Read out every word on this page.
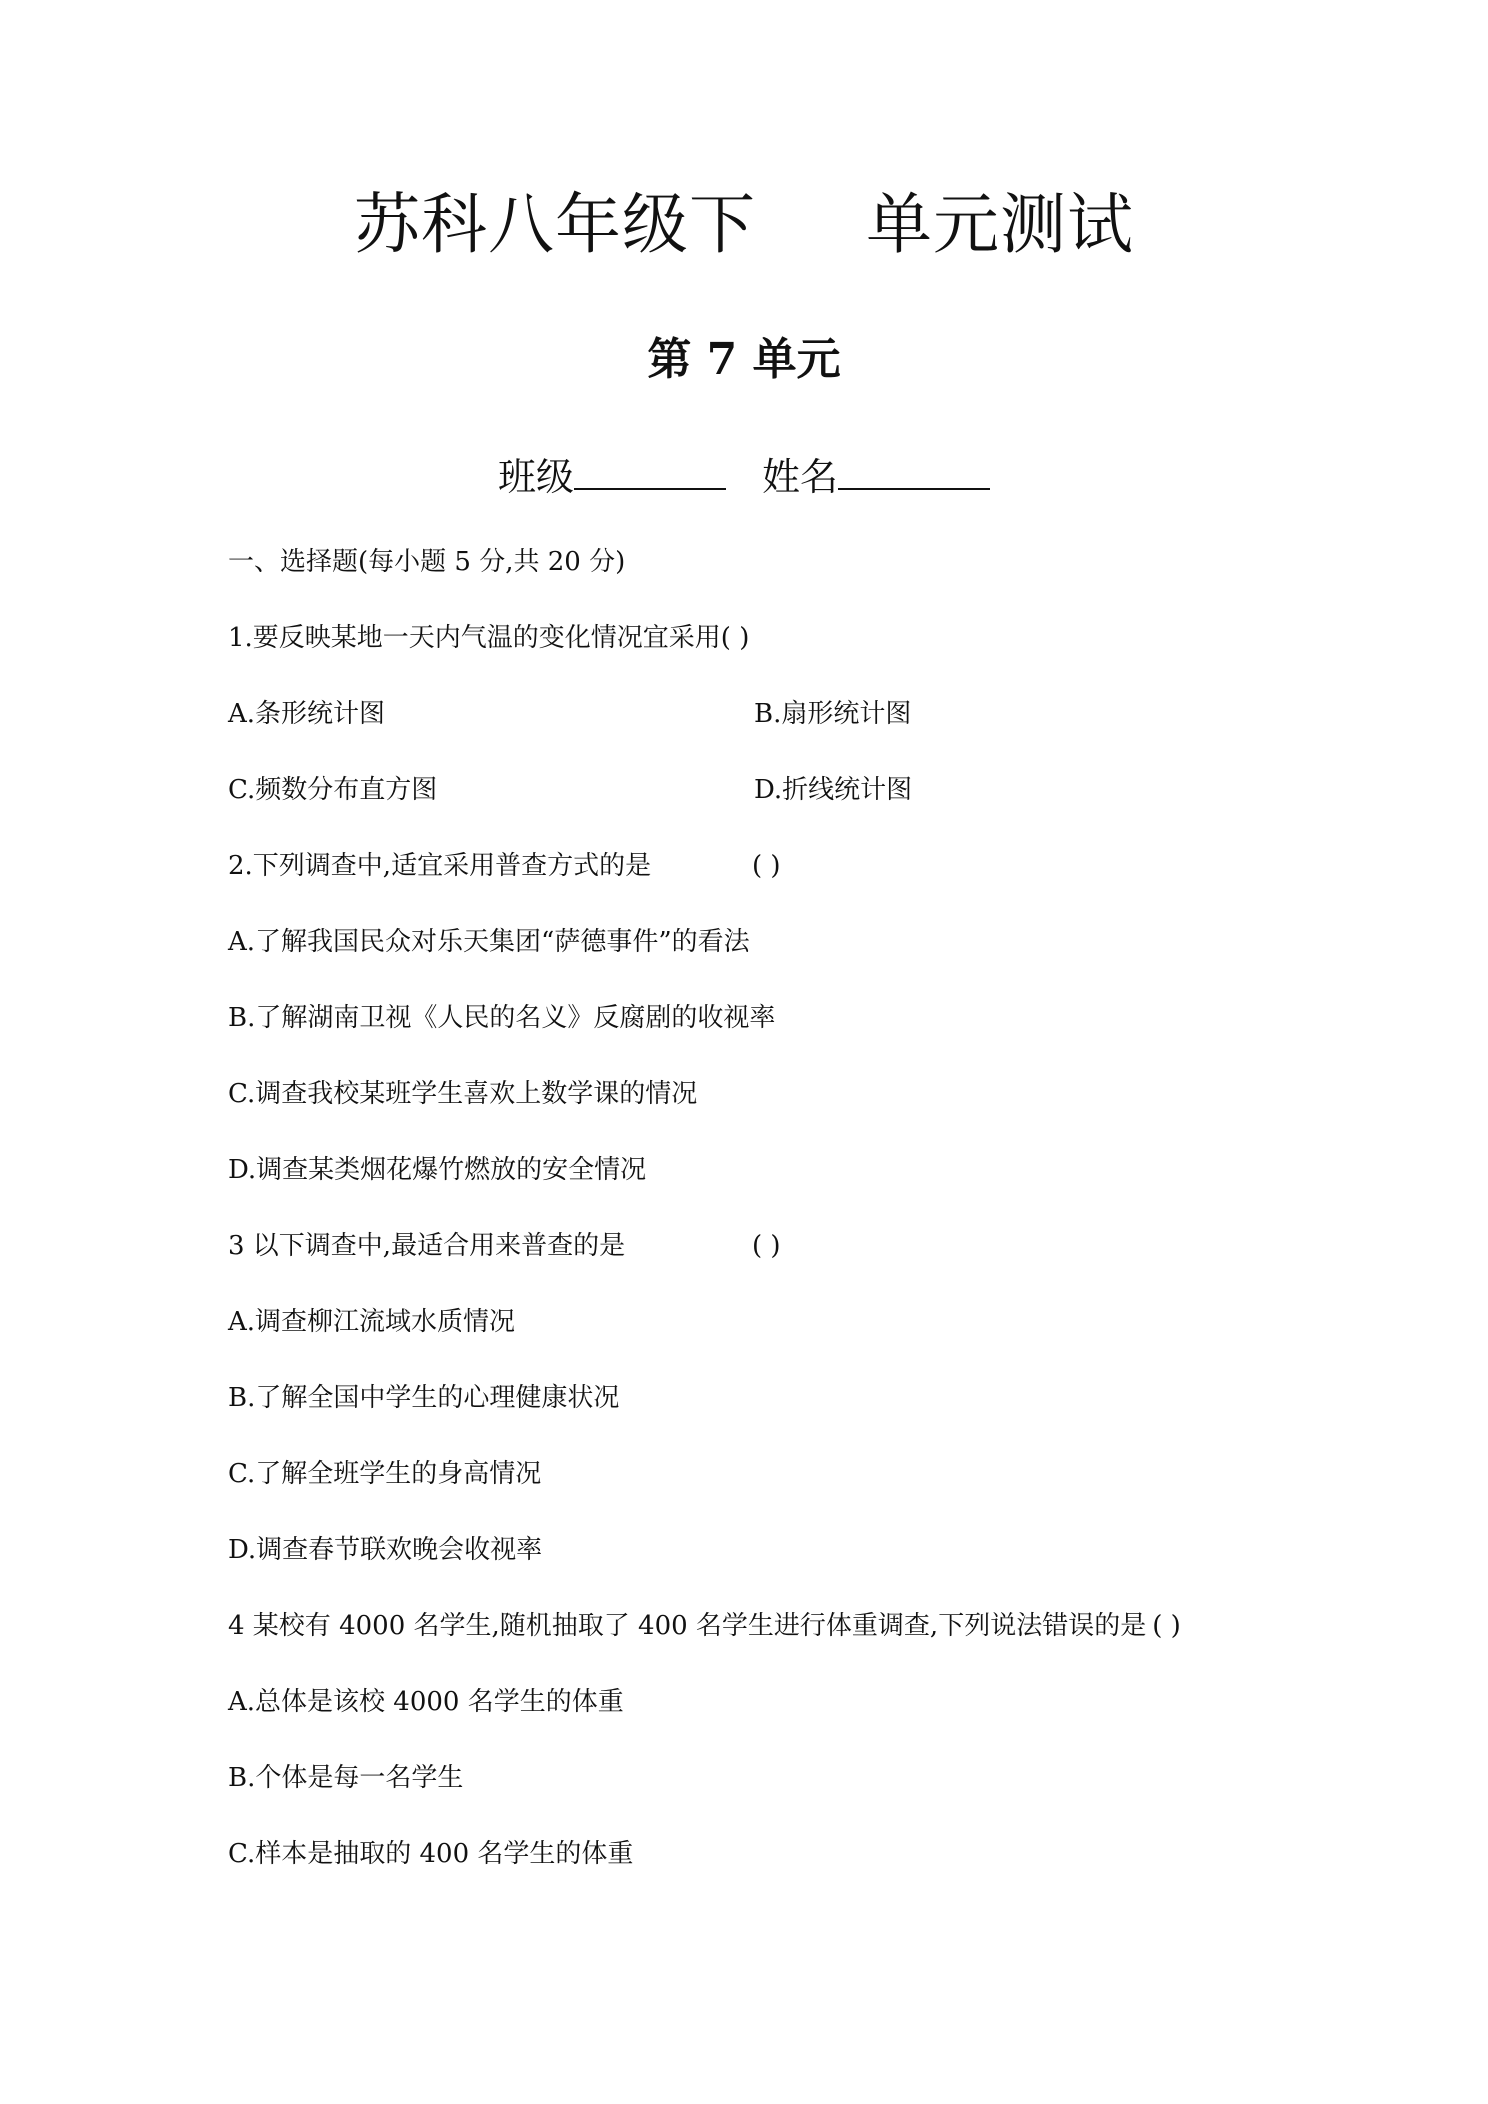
苏科八年级下 单元测试
第 7 单元
班级	姓名
一、选择题(每小题 5 分,共 20 分)
1.要反映某地一天内气温的变化情况宜采用( )
A.条形统计图	B.扇形统计图
C.频数分布直方图	D.折线统计图
2.下列调查中,适宜采用普查方式的是	( )
A.了解我国民众对乐天集团“萨德事件”的看法
B.了解湖南卫视《人民的名义》反腐剧的收视率
C.调查我校某班学生喜欢上数学课的情况
D.调查某类烟花爆竹燃放的安全情况
3 以下调查中,最适合用来普查的是	( )
A.调查柳江流域水质情况
B.了解全国中学生的心理健康状况
C.了解全班学生的身高情况
D.调查春节联欢晚会收视率
4 某校有 4000 名学生,随机抽取了 400 名学生进行体重调查,下列说法错误的是 ( )
A.总体是该校 4000 名学生的体重
B.个体是每一名学生
C.样本是抽取的 400 名学生的体重
